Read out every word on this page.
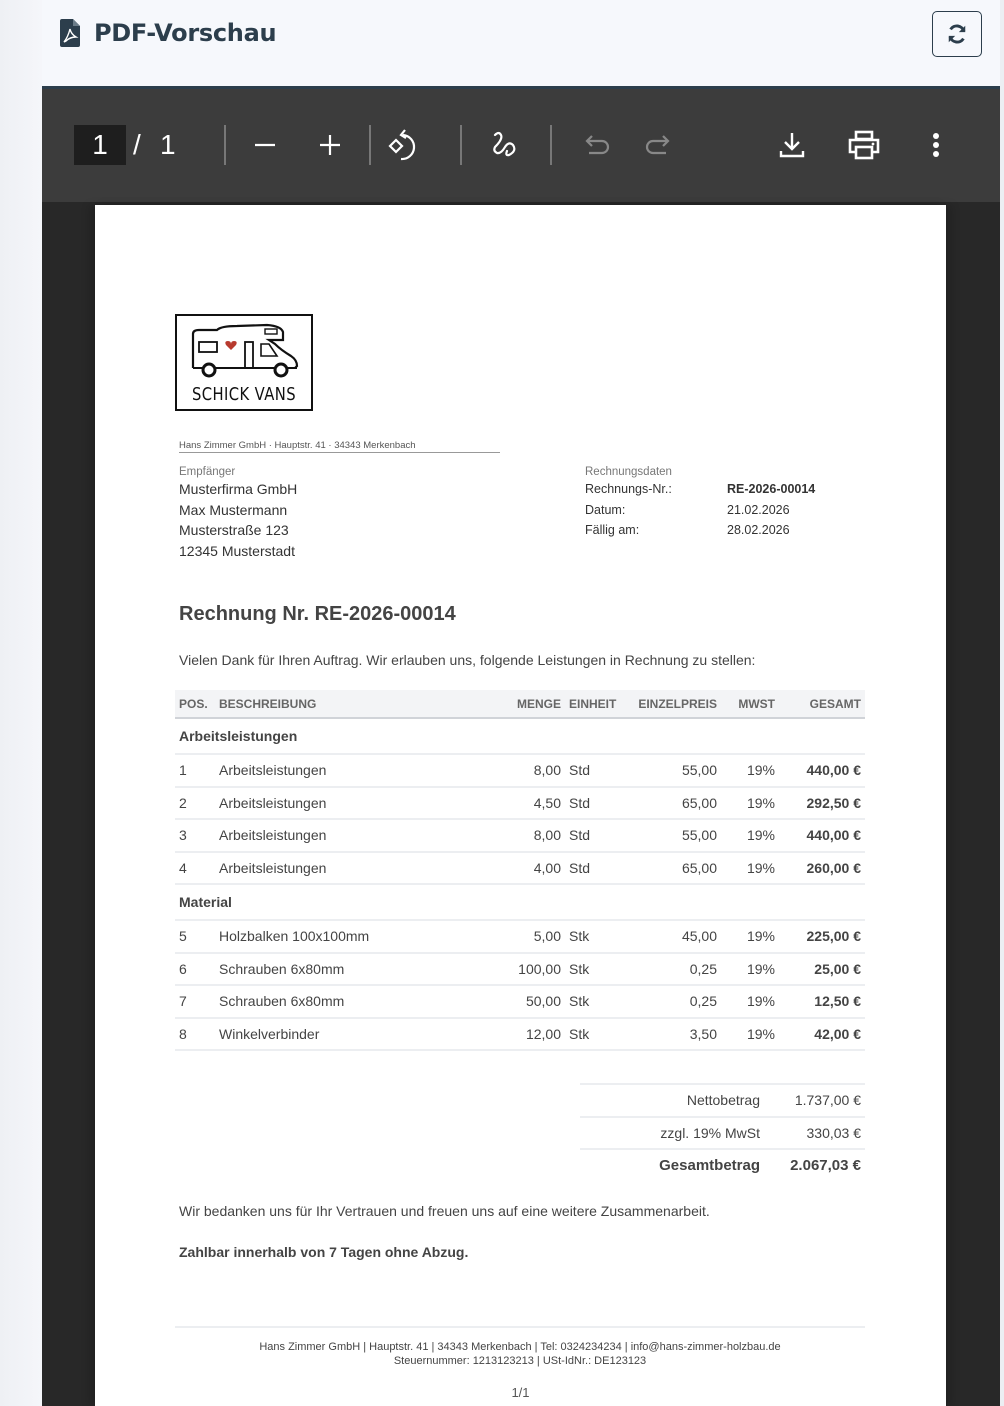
PDF-Vorschau
1 / 1
SCHICK VANS
Hans Zimmer GmbH · Hauptstr. 41 · 34343 Merkenbach
Empfänger
Musterfirma GmbH
Max Mustermann
Musterstraße 123
12345 Musterstadt
Rechnungsdaten
Rechnungs-Nr.:	RE-2026-00014
Datum:	21.02.2026
Fällig am:	28.02.2026
Rechnung Nr. RE-2026-00014
Vielen Dank für Ihren Auftrag. Wir erlauben uns, folgende Leistungen in Rechnung zu stellen:
POS. BESCHREIBUNG	MENGE EINHEIT	EINZELPREIS	MWST	GESAMT
Arbeitsleistungen
1	Arbeitsleistungen	8,00 Std	55,00	19%	440,00 €
2	Arbeitsleistungen	4,50 Std	65,00	19%	292,50 €
3	Arbeitsleistungen	8,00 Std	55,00	19%	440,00 €
4	Arbeitsleistungen	4,00 Std	65,00	19%	260,00 €
Material
5	Holzbalken 100x100mm	5,00 Stk	45,00	19%	225,00 €
6	Schrauben 6x80mm	100,00 Stk	0,25	19%	25,00 €
7	Schrauben 6x80mm	50,00 Stk	0,25	19%	12,50 €
8	Winkelverbinder	12,00 Stk	3,50	19%	42,00 €
Nettobetrag	1.737,00 €
zzgl. 19% MwSt	330,03 €
Gesamtbetrag	2.067,03 €
Wir bedanken uns für Ihr Vertrauen und freuen uns auf eine weitere Zusammenarbeit.
Zahlbar innerhalb von 7 Tagen ohne Abzug.
Hans Zimmer GmbH | Hauptstr. 41 | 34343 Merkenbach | Tel: 0324234234 | info@hans-zimmer-holzbau.de
Steuernummer: 1213123213 | USt-IdNr.: DE123123
1/1
